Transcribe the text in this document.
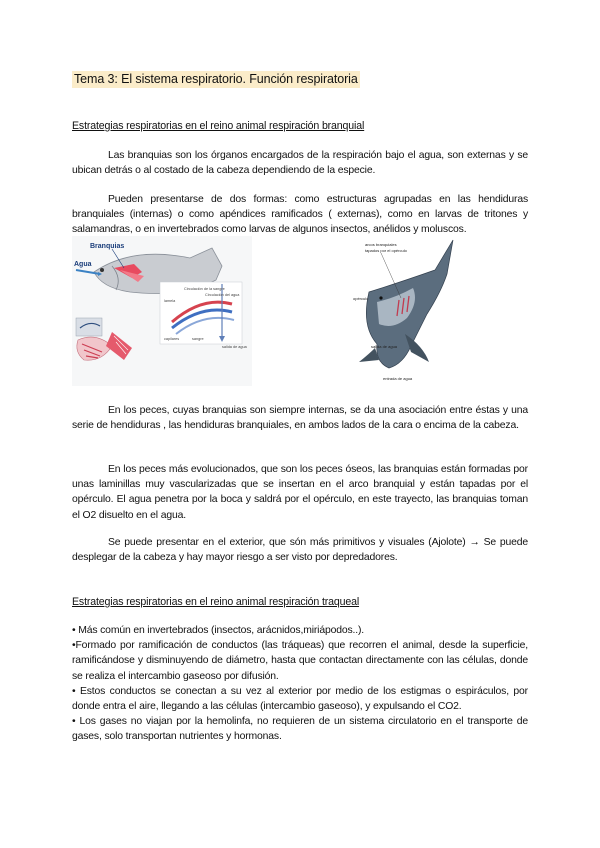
Tema 3: El sistema respiratorio. Función respiratoria
Estrategias respiratorias en el reino animal respiración branquial

Las branquias son los órganos encargados de la respiración bajo el agua, son externas y se ubican detrás o al costado de la cabeza dependiendo de la especie.

Pueden presentarse de dos formas: como estructuras agrupadas en las hendiduras branquiales (internas) o como apéndices ramificados ( externas), como en larvas de tritones y salamandras, o en invertebrados como larvas de algunos insectos, anélidos y moluscos.

Branquias
Agua
Circulación de la sangre
Circulación del agua
lamela
capilares	sangre
salida de agua
arcos branquiales
tapados por el opérculo
opérculo
salida de agua
entrada de agua

En los peces, cuyas branquias son siempre internas, se da una asociación entre éstas y una serie de hendiduras , las hendiduras branquiales, en ambos lados de la cara o encima de la cabeza.

En los peces más evolucionados, que son los peces óseos, las branquias están formadas por unas laminillas muy vascularizadas que se insertan en el arco branquial y están tapadas por el opérculo. El agua penetra por la boca y saldrá por el opérculo, en este trayecto, las branquias toman el O2 disuelto en el agua.

Se puede presentar en el exterior, que són más primitivos y visuales (Ajolote) → Se puede desplegar de la cabeza y hay mayor riesgo a ser visto por depredadores.

Estrategias respiratorias en el reino animal respiración traqueal

• Más común en invertebrados (insectos, arácnidos,miriápodos..).

•Formado por ramificación de conductos (las tráqueas) que recorren el animal, desde la superficie, ramificándose y disminuyendo de diámetro, hasta que contactan directamente con las células, donde se realiza el intercambio gaseoso por difusión.

• Estos conductos se conectan a su vez al exterior por medio de los estigmas o espiráculos, por donde entra el aire, llegando a las células (intercambio gaseoso), y expulsando el CO2.

• Los gases no viajan por la hemolinfa, no requieren de un sistema circulatorio en el transporte de gases, solo transportan nutrientes y hormonas.
